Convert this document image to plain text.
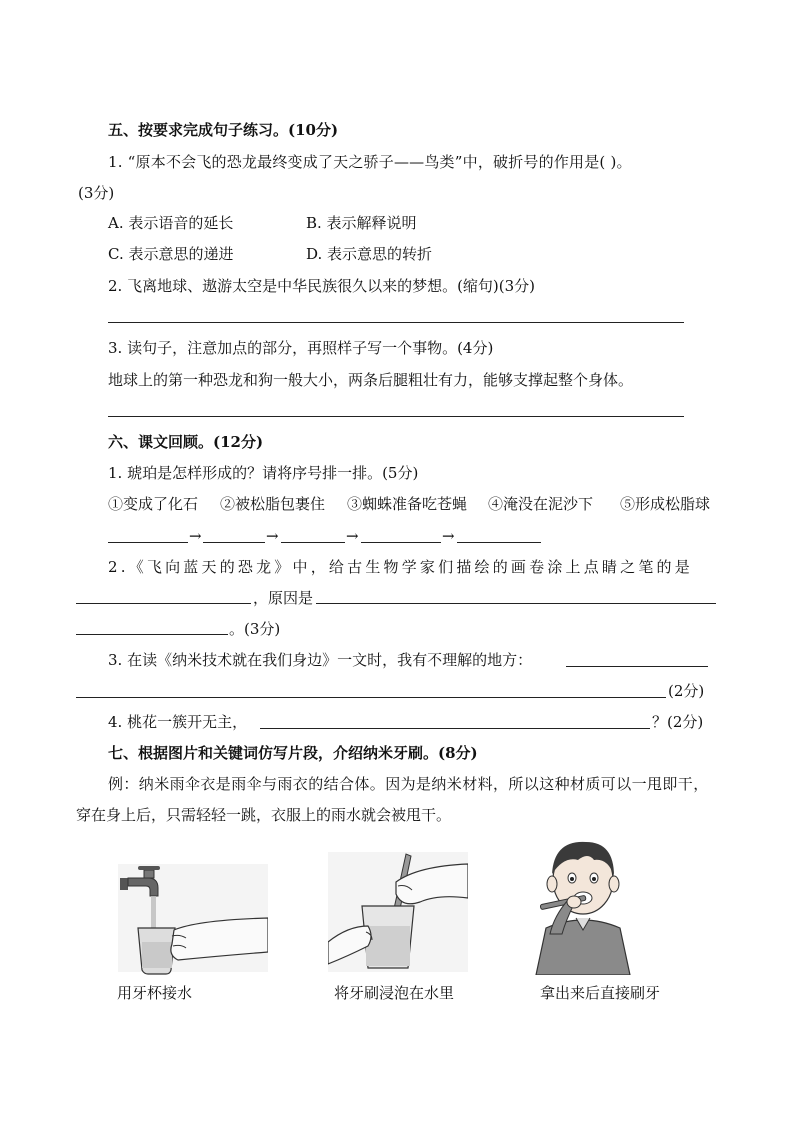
五、按要求完成句子练习。(10分)
1. “原本不会飞的恐龙最终变成了天之骄子——鸟类”中，破折号的作用是( )。
(3分)
A. 表示语音的延长	B. 表示解释说明
C. 表示意思的递进	D. 表示意思的转折
2. 飞离地球、遨游太空是中华民族很久以来的梦想。(缩句)(3分)
3. 读句子，注意加点的部分，再照样子写一个事物。(4分)
地球上的第一种恐龙和狗一般大小，两条后腿粗壮有力，能够支撑起整个身体。
六、课文回顾。(12分)
1. 琥珀是怎样形成的？请将序号排一排。(5分)
①变成了化石 ②被松脂包裹住 ③蜘蛛准备吃苍蝇 ④淹没在泥沙下 ⑤形成松脂球
→	→	→	→
2.《飞向蓝天的恐龙》中，给古生物学家们描绘的画卷涂上点睛之笔的是
，原因是
。(3分)
3. 在读《纳米技术就在我们身边》一文时，我有不理解的地方：
(2分)
4. 桃花一簇开无主，	？(2分)
七、根据图片和关键词仿写片段，介绍纳米牙刷。(8分)
例：纳米雨伞衣是雨伞与雨衣的结合体。因为是纳米材料，所以这种材质可以一甩即干，
穿在身上后，只需轻轻一跳，衣服上的雨水就会被甩干。
用牙杯接水	将牙刷浸泡在水里	拿出来后直接刷牙
